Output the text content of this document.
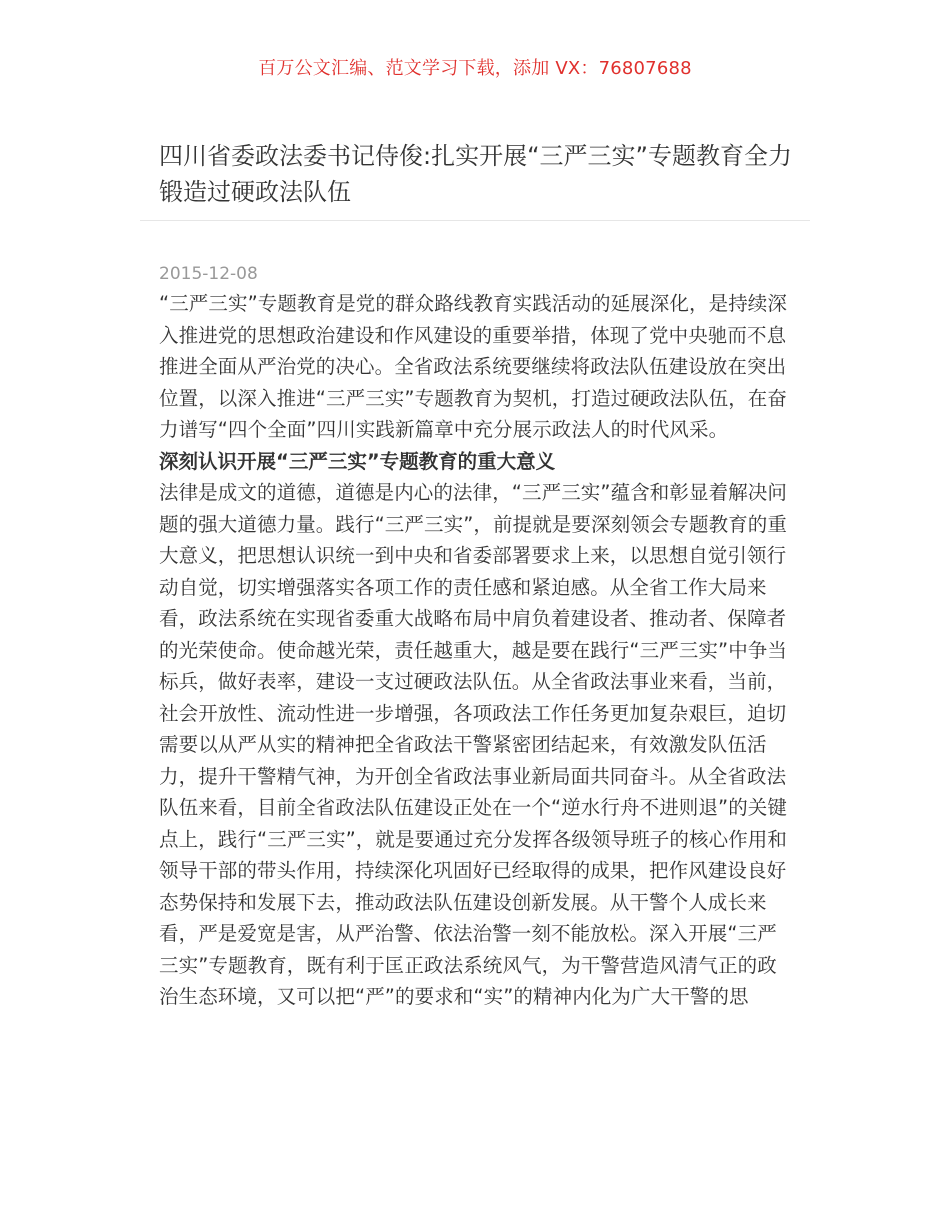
百万公文汇编、范文学习下载，添加 VX：76807688
四川省委政法委书记侍俊:扎实开展“三严三实”专题教育全力锻造过硬政法队伍
2015-12-08

“三严三实”专题教育是党的群众路线教育实践活动的延展深化，是持续深入推进党的思想政治建设和作风建设的重要举措，体现了党中央驰而不息推进全面从严治党的决心。全省政法系统要继续将政法队伍建设放在突出位置，以深入推进“三严三实”专题教育为契机，打造过硬政法队伍，在奋力谱写“四个全面”四川实践新篇章中充分展示政法人的时代风采。

深刻认识开展“三严三实”专题教育的重大意义

法律是成文的道德，道德是内心的法律，“三严三实”蕴含和彰显着解决问题的强大道德力量。践行“三严三实”，前提就是要深刻领会专题教育的重大意义，把思想认识统一到中央和省委部署要求上来，以思想自觉引领行动自觉，切实增强落实各项工作的责任感和紧迫感。从全省工作大局来看，政法系统在实现省委重大战略布局中肩负着建设者、推动者、保障者的光荣使命。使命越光荣，责任越重大，越是要在践行“三严三实”中争当标兵，做好表率，建设一支过硬政法队伍。从全省政法事业来看，当前，社会开放性、流动性进一步增强，各项政法工作任务更加复杂艰巨，迫切需要以从严从实的精神把全省政法干警紧密团结起来，有效激发队伍活力，提升干警精气神，为开创全省政法事业新局面共同奋斗。从全省政法队伍来看，目前全省政法队伍建设正处在一个“逆水行舟不进则退”的关键点上，践行“三严三实”，就是要通过充分发挥各级领导班子的核心作用和领导干部的带头作用，持续深化巩固好已经取得的成果，把作风建设良好态势保持和发展下去，推动政法队伍建设创新发展。从干警个人成长来看，严是爱宽是害，从严治警、依法治警一刻不能放松。深入开展“三严三实”专题教育，既有利于匡正政法系统风气，为干警营造风清气正的政治生态环境，又可以把“严”的要求和“实”的精神内化为广大干警的思
